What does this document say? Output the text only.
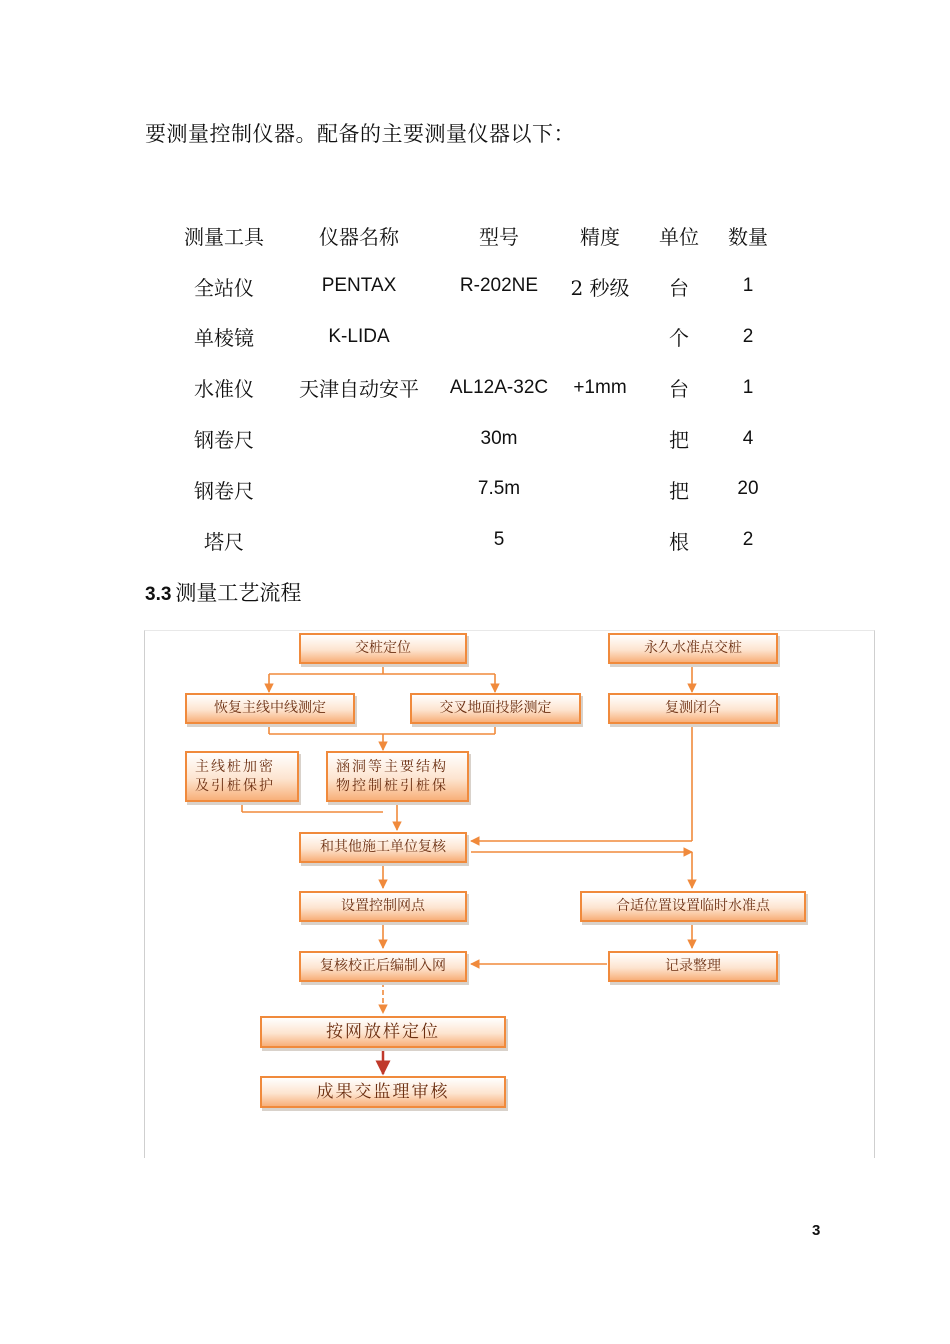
要测量控制仪器。配备的主要测量仪器以下：
测量工具	仪器名称	型号	精度	单位	数量
全站仪	PENTAX	R-202NE	2 秒级	台	1
单棱镜	K-LIDA			个	2
水准仪	天津自动安平	AL12A-32C	+1mm	台	1
钢卷尺		30m		把	4
钢卷尺		7.5m		把	20
塔尺		5		根	2
3.3 测量工艺流程
交桩定位	永久水准点交桩
恢复主线中线测定	交叉地面投影测定	复测闭合
主线桩加密
及引桩保护
涵洞等主要结构
物控制桩引桩保
和其他施工单位复核
设置控制网点	合适位置设置临时水准点
复核校正后编制入网	记录整理
按网放样定位
成果交监理审核
3
